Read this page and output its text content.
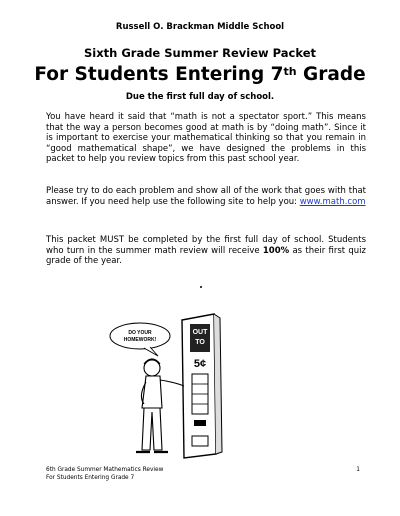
Russell O. Brackman Middle School
Sixth Grade Summer Review Packet
For Students Entering 7th Grade
Due the first full day of school.

You have heard it said that “math is not a spectator sport.” This means that the way a person becomes good at math is by “doing math”. Since it is important to exercise your mathematical thinking so that you remain in “good mathematical shape”, we have designed the problems in this packet to help you review topics from this past school year.

Please try to do each problem and show all of the work that goes with that answer. If you need help use the following site to help you: www.math.com

This packet MUST be completed by the first full day of school. Students who turn in the summer math review will receive 100% as their first quiz grade of the year.

DO YOUR
HOMEWORK!
OUT
TO
5¢
6th Grade Summer Mathematics Review
For Students Entering Grade 7
1
